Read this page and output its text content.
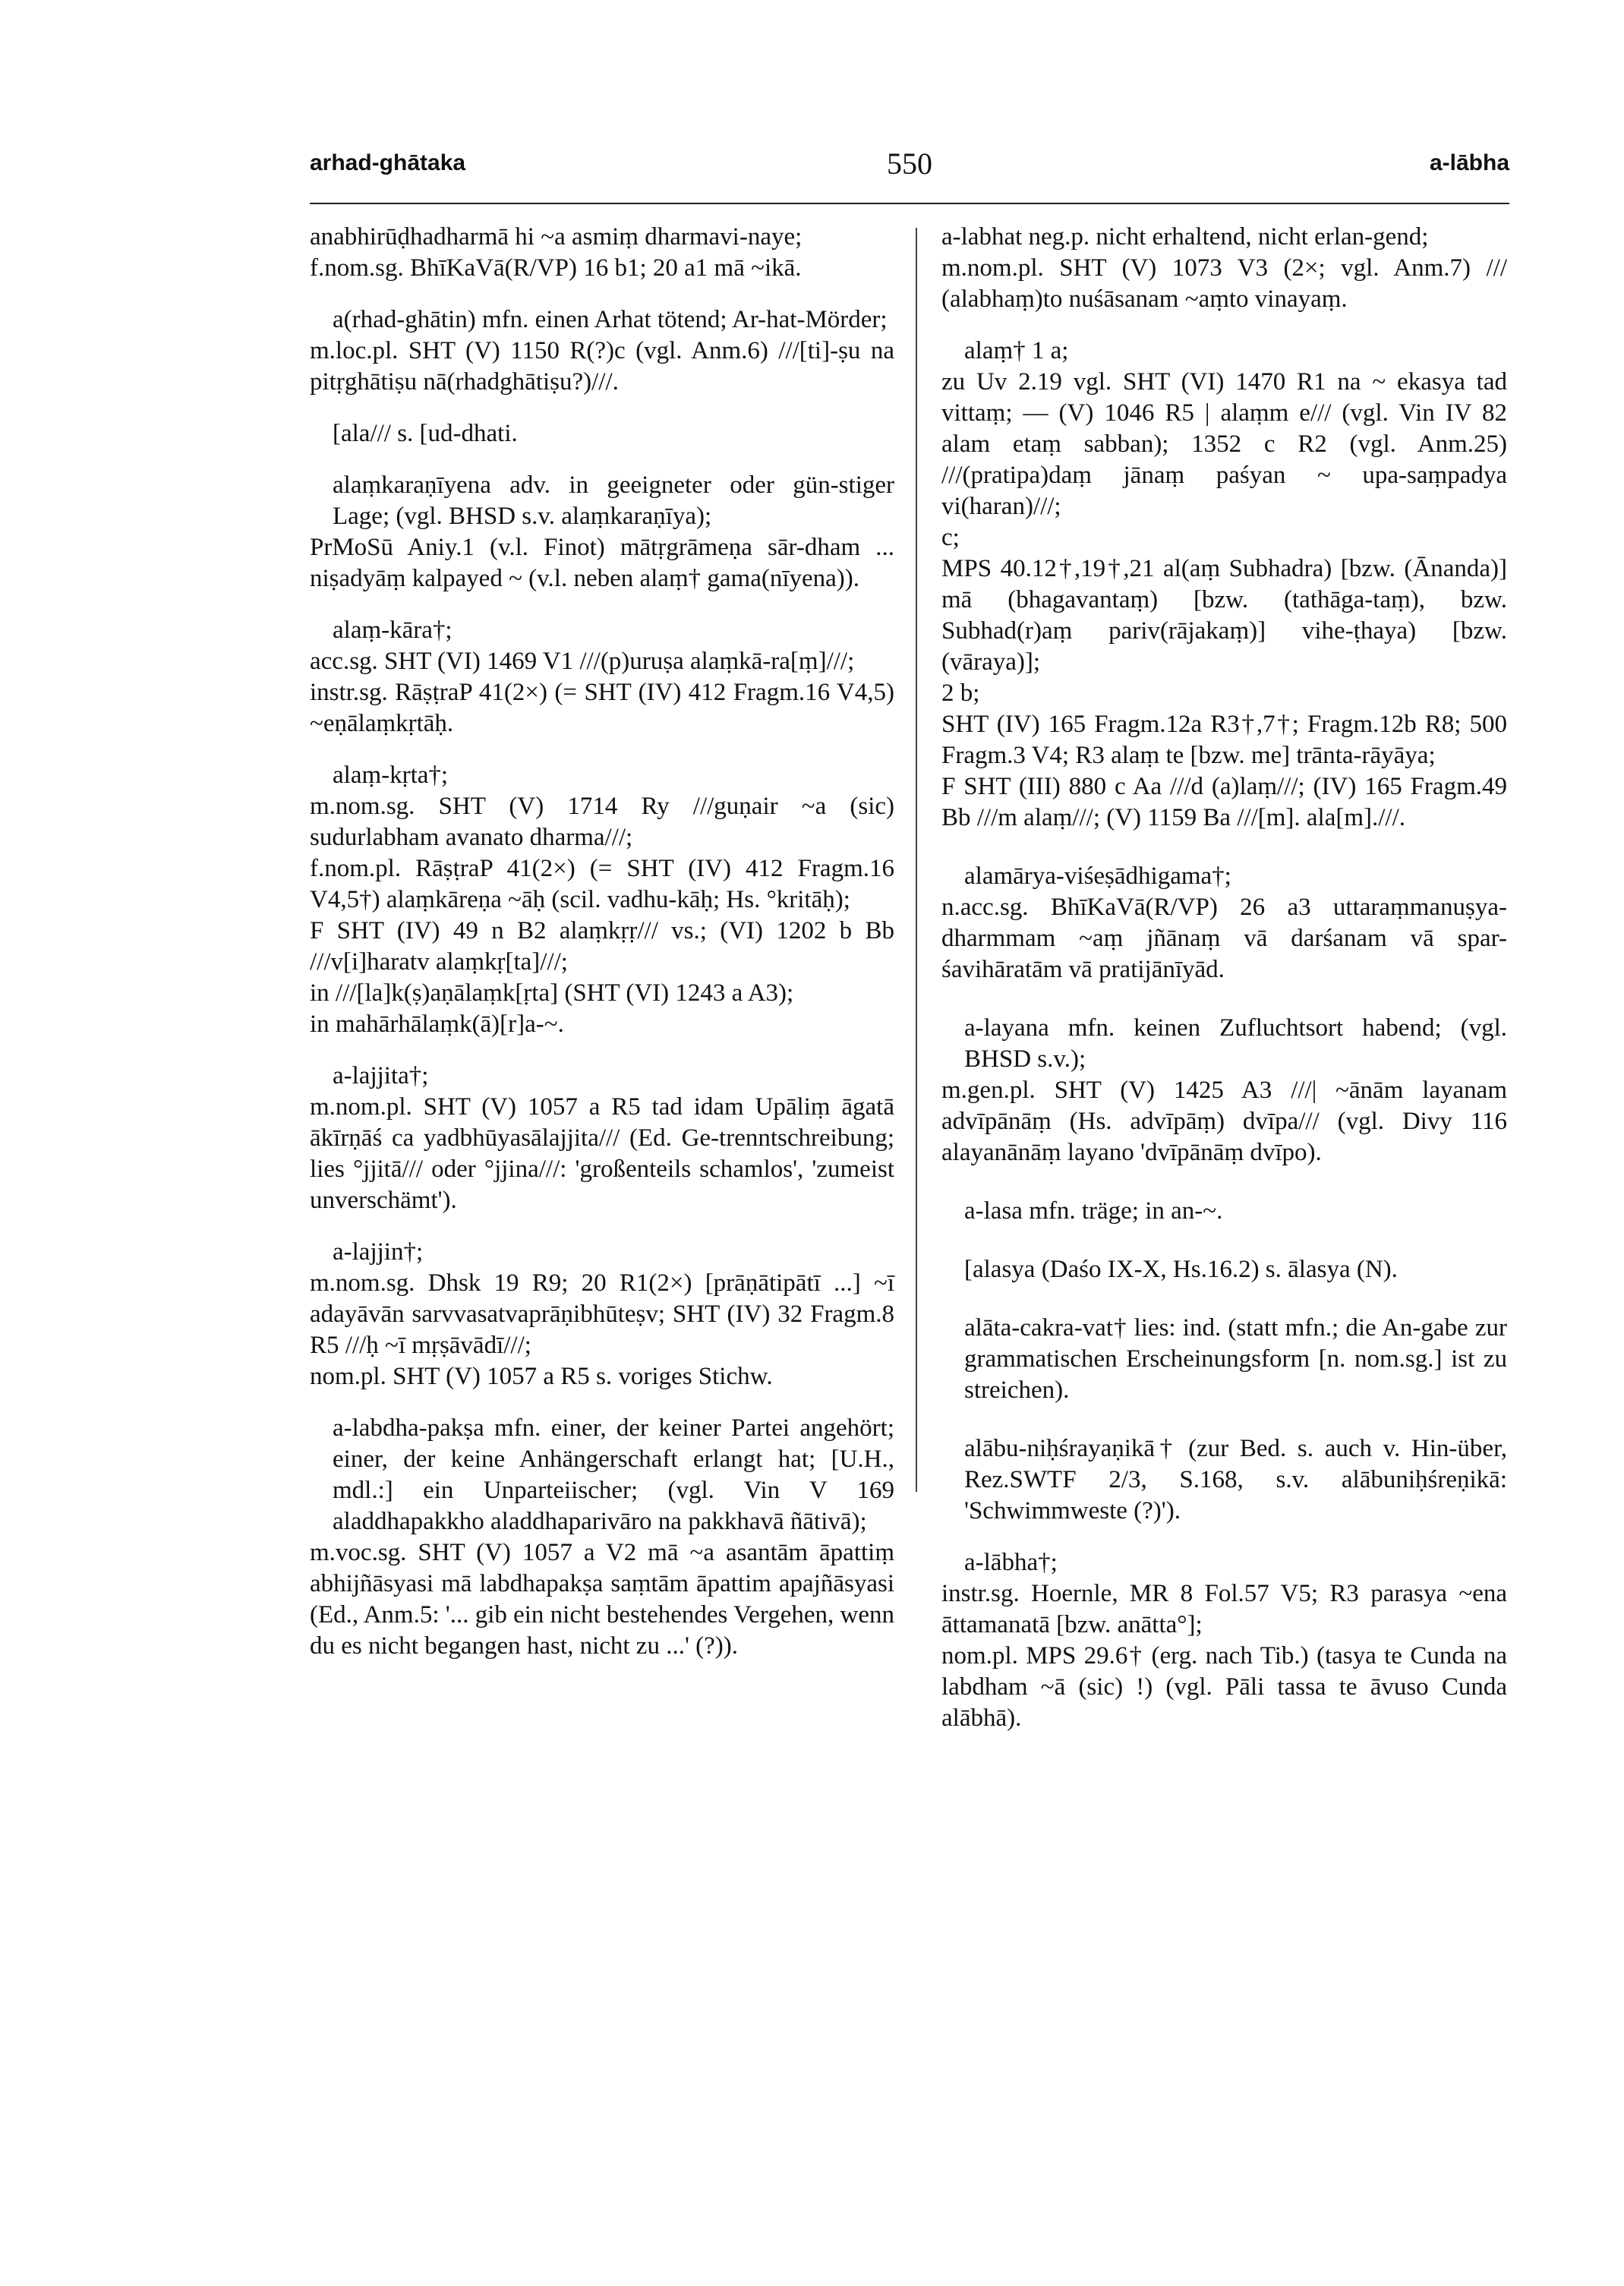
arhad-ghātaka	550	a-lābha

anabhirūḍhadharmā hi ~a asmiṃ dharmavi-naye;

f.nom.sg. BhīKaVā(R/VP) 16 b1; 20 a1 mā ~ikā.

a(rhad-ghātin) mfn. einen Arhat tötend; Ar-hat-Mörder;

m.loc.pl. SHT (V) 1150 R(?)c (vgl. Anm.6) ///[ti]-ṣu na pitṛghātiṣu nā(rhadghātiṣu?)///.

[ala/// s. [ud-dhati.

alaṃkaraṇīyena adv. in geeigneter oder gün-stiger Lage; (vgl. BHSD s.v. alaṃkaraṇīya);

PrMoSū Aniy.1 (v.l. Finot) mātṛgrāmeṇa sār-dham ... niṣadyāṃ kalpayed ~ (v.l. neben alaṃ† gama(nīyena)).

alaṃ-kāra†;

acc.sg. SHT (VI) 1469 V1 ///(p)uruṣa alaṃkā-ra[ṃ]///;

instr.sg. RāṣṭraP 41(2×) (= SHT (IV) 412 Fragm.16 V4,5) ~eṇālaṃkṛtāḥ.

alaṃ-kṛta†;

m.nom.sg. SHT (V) 1714 Ry ///guṇair ~a (sic) sudurlabham avanato dharma///;

f.nom.pl. RāṣṭraP 41(2×) (= SHT (IV) 412 Fragm.16 V4,5†) alaṃkāreṇa ~āḥ (scil. vadhu-kāḥ; Hs. °kritāḥ);

F SHT (IV) 49 n B2 alaṃkṛṛ/// vs.; (VI) 1202 b Bb ///v[i]haratv alaṃkṛ[ta]///;

in ///[la]k(ṣ)aṇālaṃk[ṛta] (SHT (VI) 1243 a A3);

in mahārhālaṃk(ā)[r]a-~.

a-lajjita†;

m.nom.pl. SHT (V) 1057 a R5 tad idam Upāliṃ āgatā ākīrṇāś ca yadbhūyasālajjita/// (Ed. Ge-trenntschreibung; lies °jjitā/// oder °jjina///: 'großenteils schamlos', 'zumeist unverschämt').

a-lajjin†;

m.nom.sg. Dhsk 19 R9; 20 R1(2×) [prāṇātipātī ...] ~ī adayāvān sarvvasatvaprāṇibhūteṣv; SHT (IV) 32 Fragm.8 R5 ///ḥ ~ī mṛṣāvādī///;

nom.pl. SHT (V) 1057 a R5 s. voriges Stichw.

a-labdha-pakṣa mfn. einer, der keiner Partei angehört; einer, der keine Anhängerschaft erlangt hat; [U.H., mdl.:] ein Unparteiischer; (vgl. Vin V 169 aladdhapakkho aladdhaparivāro na pakkhavā ñātivā);

m.voc.sg. SHT (V) 1057 a V2 mā ~a asantām āpattiṃ abhijñāsyasi mā labdhapakṣa saṃtām āpattim apajñāsyasi (Ed., Anm.5: '... gib ein nicht bestehendes Vergehen, wenn du es nicht begangen hast, nicht zu ...' (?)).

a-labhat neg.p. nicht erhaltend, nicht erlan-gend;

m.nom.pl. SHT (V) 1073 V3 (2×; vgl. Anm.7) /// (alabhaṃ)to nuśāsanam ~aṃto vinayaṃ.

alaṃ† 1 a;

zu Uv 2.19 vgl. SHT (VI) 1470 R1 na ~ ekasya tad vittaṃ; — (V) 1046 R5 | alaṃm e/// (vgl. Vin IV 82 alam etaṃ sabban); 1352 c R2 (vgl. Anm.25) ///(pratipa)daṃ jānaṃ paśyan ~ upa-saṃpadya vi(haran)///;

c;

MPS 40.12†,19†,21 al(aṃ Subhadra) [bzw. (Ānanda)] mā (bhagavantaṃ) [bzw. (tathāga-taṃ), bzw. Subhad(r)aṃ pariv(rājakaṃ)] vihe-ṭhaya) [bzw. (vāraya)];

2 b;

SHT (IV) 165 Fragm.12a R3†,7†; Fragm.12b R8; 500 Fragm.3 V4; R3 alaṃ te [bzw. me] trānta-rāyāya;

F SHT (III) 880 c Aa ///d (a)laṃ///; (IV) 165 Fragm.49 Bb ///m alaṃ///; (V) 1159 Ba ///[m]. ala[m].///.

alamārya-viśeṣādhigama†;

n.acc.sg. BhīKaVā(R/VP) 26 a3 uttaraṃmanuṣya-dharmmam ~aṃ jñānaṃ vā darśanam vā spar-śavihāratām vā pratijānīyād.

a-layana mfn. keinen Zufluchtsort habend; (vgl. BHSD s.v.);

m.gen.pl. SHT (V) 1425 A3 ///| ~ānām layanam advīpānāṃ (Hs. advīpāṃ) dvīpa/// (vgl. Divy 116 alayanānāṃ layano 'dvīpānāṃ dvīpo).

a-lasa mfn. träge; in an-~.

[alasya (Daśo IX-X, Hs.16.2) s. ālasya (N).

alāta-cakra-vat† lies: ind. (statt mfn.; die An-gabe zur grammatischen Erscheinungsform [n. nom.sg.] ist zu streichen).

alābu-niḥśrayaṇikā† (zur Bed. s. auch v. Hin-über, Rez.SWTF 2/3, S.168, s.v. alābuniḥśreṇikā: 'Schwimmweste (?)').

a-lābha†;

instr.sg. Hoernle, MR 8 Fol.57 V5; R3 parasya ~ena āttamanatā [bzw. anātta°];

nom.pl. MPS 29.6† (erg. nach Tib.) (tasya te Cunda na labdham ~ā (sic) !) (vgl. Pāli tassa te āvuso Cunda alābhā).
